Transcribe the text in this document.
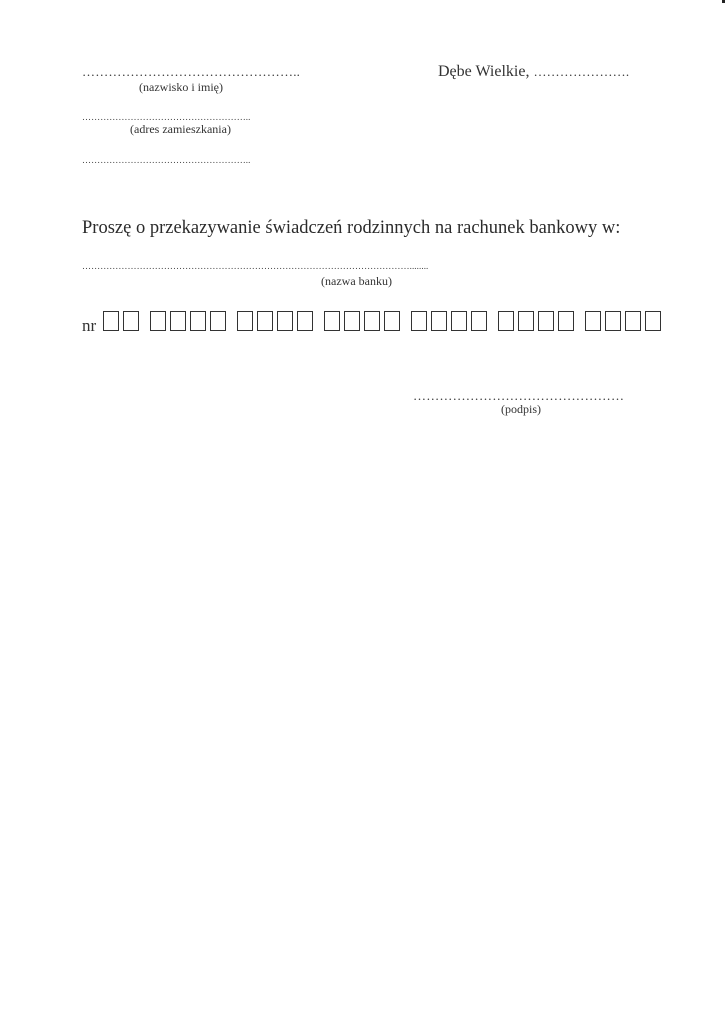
…………………………………………..
(nazwisko i imię)
………………………………………………..
(adres zamieszkania)
………………………………………………..
Dębe Wielkie, ………………….
Proszę o przekazywanie świadczeń rodzinnych na rachunek bankowy w:
………………………………………………………………………………………………........
(nazwa banku)
nr
…………………………………………
(podpis)
